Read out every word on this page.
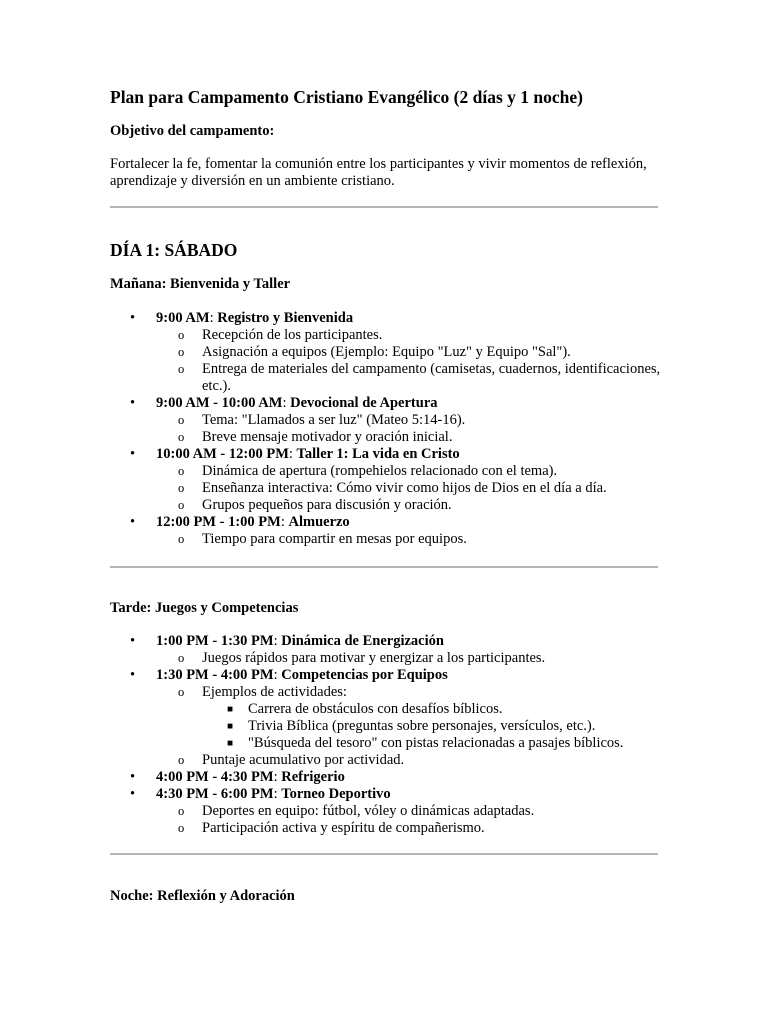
Plan para Campamento Cristiano Evangélico (2 días y 1 noche)
Objetivo del campamento:

Fortalecer la fe, fomentar la comunión entre los participantes y vivir momentos de reflexión, aprendizaje y diversión en un ambiente cristiano.

DÍA 1: SÁBADO
Mañana: Bienvenida y Taller
• 9:00 AM: Registro y Bienvenida
o Recepción de los participantes.
o Asignación a equipos (Ejemplo: Equipo "Luz" y Equipo "Sal").
o Entrega de materiales del campamento (camisetas, cuadernos, identificaciones, etc.).
• 9:00 AM - 10:00 AM: Devocional de Apertura
o Tema: "Llamados a ser luz" (Mateo 5:14-16).
o Breve mensaje motivador y oración inicial.
• 10:00 AM - 12:00 PM: Taller 1: La vida en Cristo
o Dinámica de apertura (rompehielos relacionado con el tema).
o Enseñanza interactiva: Cómo vivir como hijos de Dios en el día a día.
o Grupos pequeños para discusión y oración.
• 12:00 PM - 1:00 PM: Almuerzo
o Tiempo para compartir en mesas por equipos.
Tarde: Juegos y Competencias
• 1:00 PM - 1:30 PM: Dinámica de Energización
o Juegos rápidos para motivar y energizar a los participantes.
• 1:30 PM - 4:00 PM: Competencias por Equipos
o Ejemplos de actividades:
■ Carrera de obstáculos con desafíos bíblicos.
■ Trivia Bíblica (preguntas sobre personajes, versículos, etc.).
■ "Búsqueda del tesoro" con pistas relacionadas a pasajes bíblicos.
o Puntaje acumulativo por actividad.
• 4:00 PM - 4:30 PM: Refrigerio
• 4:30 PM - 6:00 PM: Torneo Deportivo
o Deportes en equipo: fútbol, vóley o dinámicas adaptadas.
o Participación activa y espíritu de compañerismo.
Noche: Reflexión y Adoración
